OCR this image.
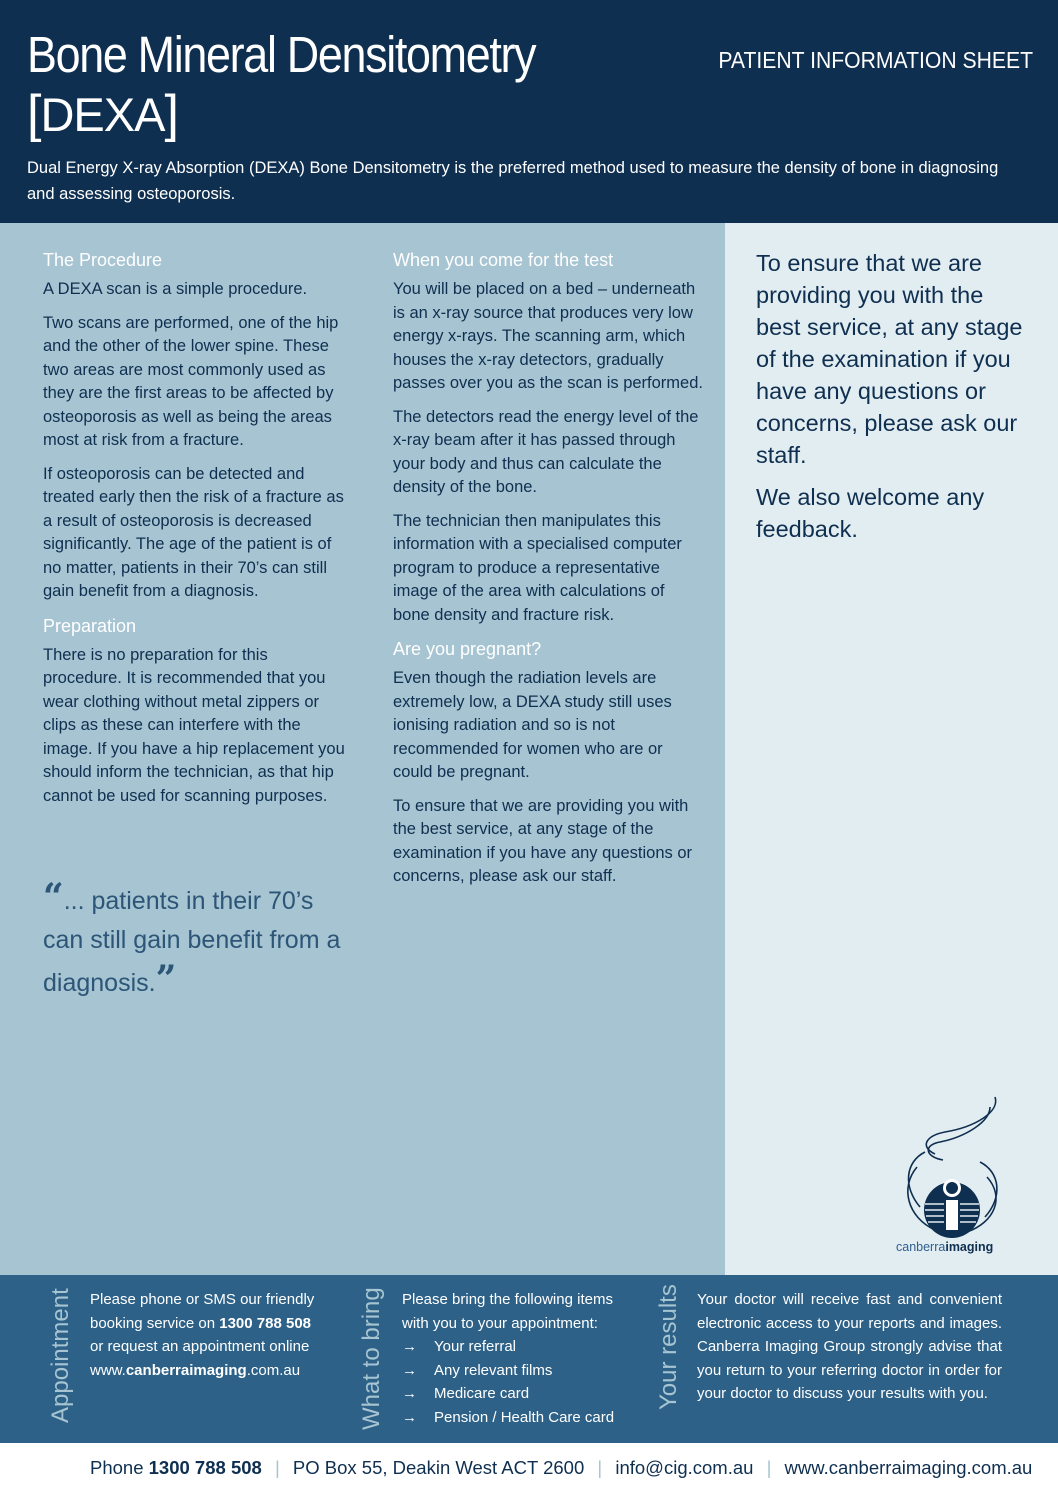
Bone Mineral Densitometry
[DEXA]
PATIENT INFORMATION SHEET
Dual Energy X-ray Absorption (DEXA) Bone Densitometry is the preferred method used to measure the density of bone in diagnosing and assessing osteoporosis.
The Procedure

A DEXA scan is a simple procedure.

Two scans are performed, one of the hip and the other of the lower spine. These two areas are most commonly used as they are the first areas to be affected by osteoporosis as well as being the areas most at risk from a fracture.

If osteoporosis can be detected and treated early then the risk of a fracture as a result of osteoporosis is decreased significantly. The age of the patient is of no matter, patients in their 70’s can still gain benefit from a diagnosis.

Preparation

There is no preparation for this procedure. It is recommended that you wear clothing without metal zippers or clips as these can interfere with the image. If you have a hip replacement you should inform the technician, as that hip cannot be used for scanning purposes.

“... patients in their 70’s can still gain benefit from a diagnosis.”
When you come for the test

You will be placed on a bed – underneath is an x-ray source that produces very low energy x-rays. The scanning arm, which houses the x-ray detectors, gradually passes over you as the scan is performed.

The detectors read the energy level of the x-ray beam after it has passed through your body and thus can calculate the density of the bone.

The technician then manipulates this information with a specialised computer program to produce a representative image of the area with calculations of bone density and fracture risk.

Are you pregnant?

Even though the radiation levels are extremely low, a DEXA study still uses ionising radiation and so is not recommended for women who are or could be pregnant.

To ensure that we are providing you with the best service, at any stage of the examination if you have any questions or concerns, please ask our staff.

To ensure that we are providing you with the best service, at any stage of the examination if you have any questions or concerns, please ask our staff.

We also welcome any feedback.

canberraimaging
Appointment Please phone or SMS our friendly booking service on 1300 788 508 or request an appointment online www.canberraimaging.com.au	What to bring Please bring the following items with you to your appointment:
→ Your referral
→ Any relevant films
→ Medicare card
→ Pension / Health Care card
Your results Your doctor will receive fast and convenient electronic access to your reports and images. Canberra Imaging Group strongly advise that you return to your referring doctor in order for your doctor to discuss your results with you.
Phone 1300 788 508 | PO Box 55, Deakin West ACT 2600 | info@cig.com.au | www.canberraimaging.com.au
